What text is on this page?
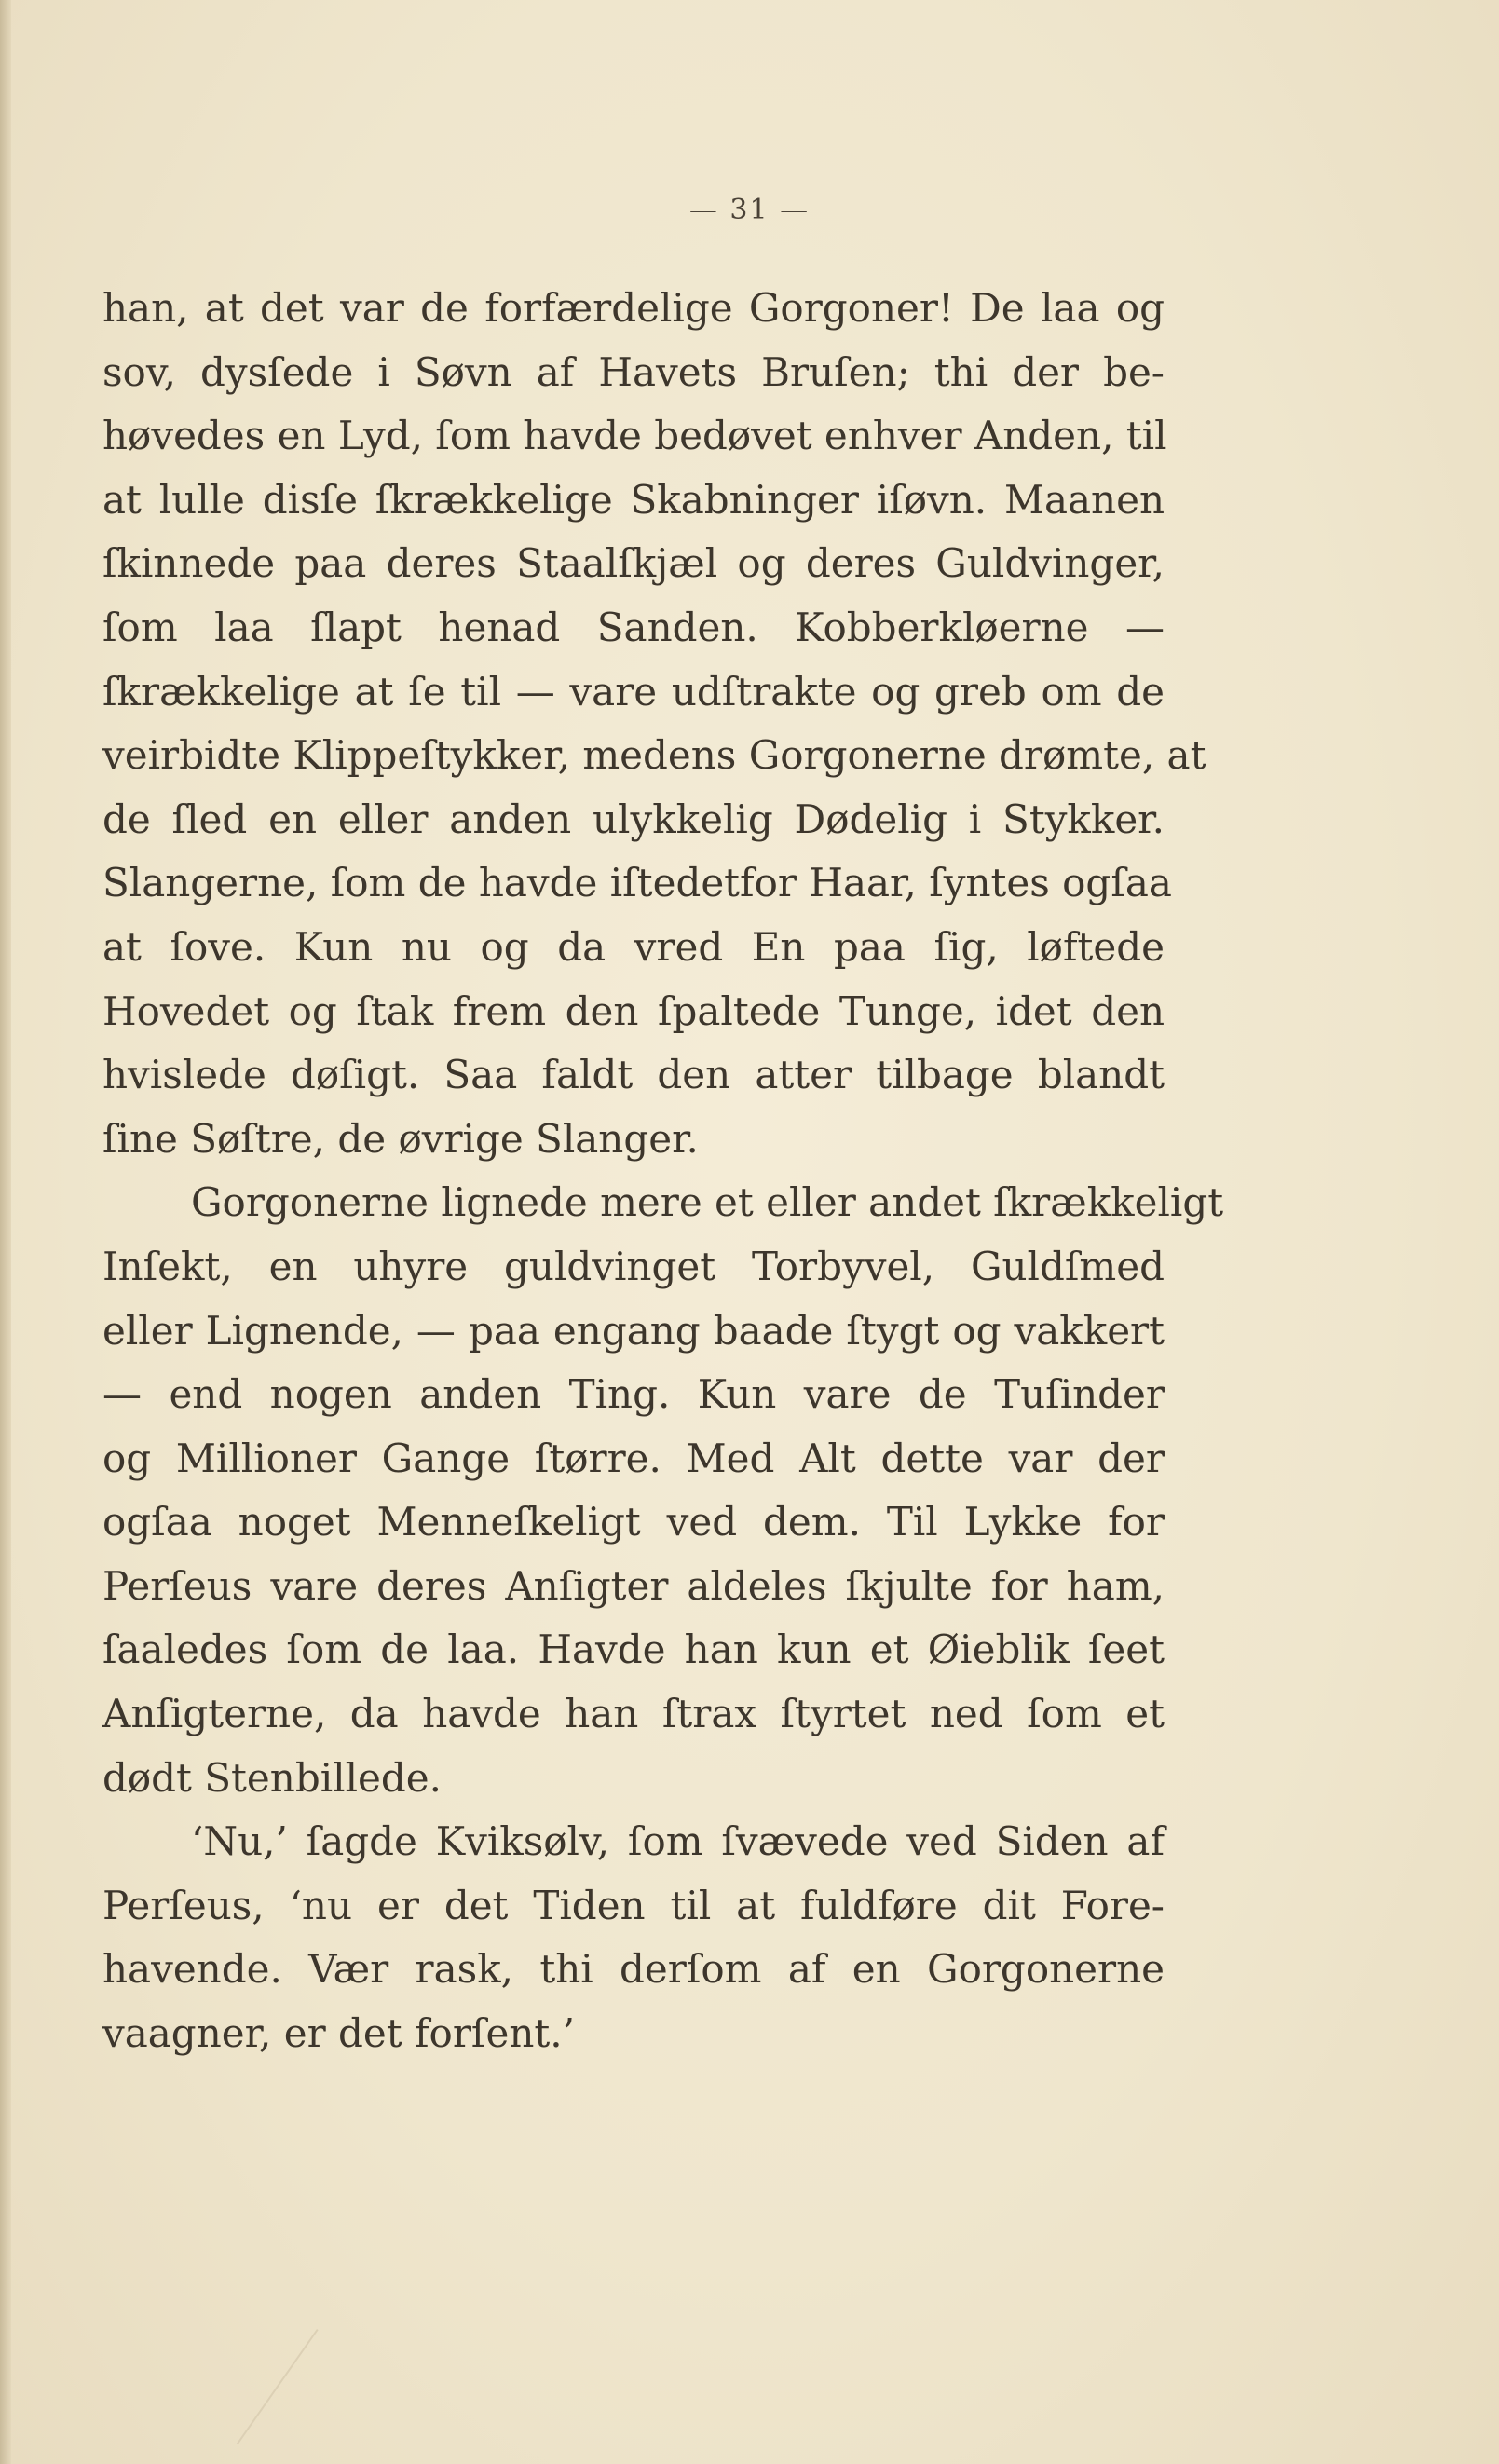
— 31 —
han, at det var de forfærdelige Gorgoner! De laa og
sov, dysſede i Søvn af Havets Bruſen; thi der be-
høvedes en Lyd, ſom havde bedøvet enhver Anden, til
at lulle disſe ſkrækkelige Skabninger iſøvn. Maanen
ſkinnede paa deres Staalſkjæl og deres Guldvinger,
ſom laa ſlapt henad Sanden. Kobberkløerne —
ſkrækkelige at ſe til — vare udſtrakte og greb om de
veirbidte Klippeſtykker, medens Gorgonerne drømte, at
de ſled en eller anden ulykkelig Dødelig i Stykker.
Slangerne, ſom de havde iſtedetfor Haar, ſyntes ogſaa
at ſove. Kun nu og da vred En paa ſig, løftede
Hovedet og ſtak frem den ſpaltede Tunge, idet den
hvislede døſigt. Saa faldt den atter tilbage blandt
ſine Søſtre, de øvrige Slanger.
Gorgonerne lignede mere et eller andet ſkrækkeligt
Inſekt, en uhyre guldvinget Torbyvel, Guldſmed
eller Lignende, — paa engang baade ſtygt og vakkert
— end nogen anden Ting. Kun vare de Tuſinder
og Millioner Gange ſtørre. Med Alt dette var der
ogſaa noget Menneſkeligt ved dem. Til Lykke for
Perſeus vare deres Anſigter aldeles ſkjulte for ham,
ſaaledes ſom de laa. Havde han kun et Øieblik ſeet
Anſigterne, da havde han ſtrax ſtyrtet ned ſom et
dødt Stenbillede.
‘Nu,’ ſagde Kviksølv, ſom ſvævede ved Siden af
Perſeus, ‘nu er det Tiden til at fuldføre dit Fore-
havende. Vær rask, thi derſom af en Gorgonerne
vaagner, er det forſent.’
